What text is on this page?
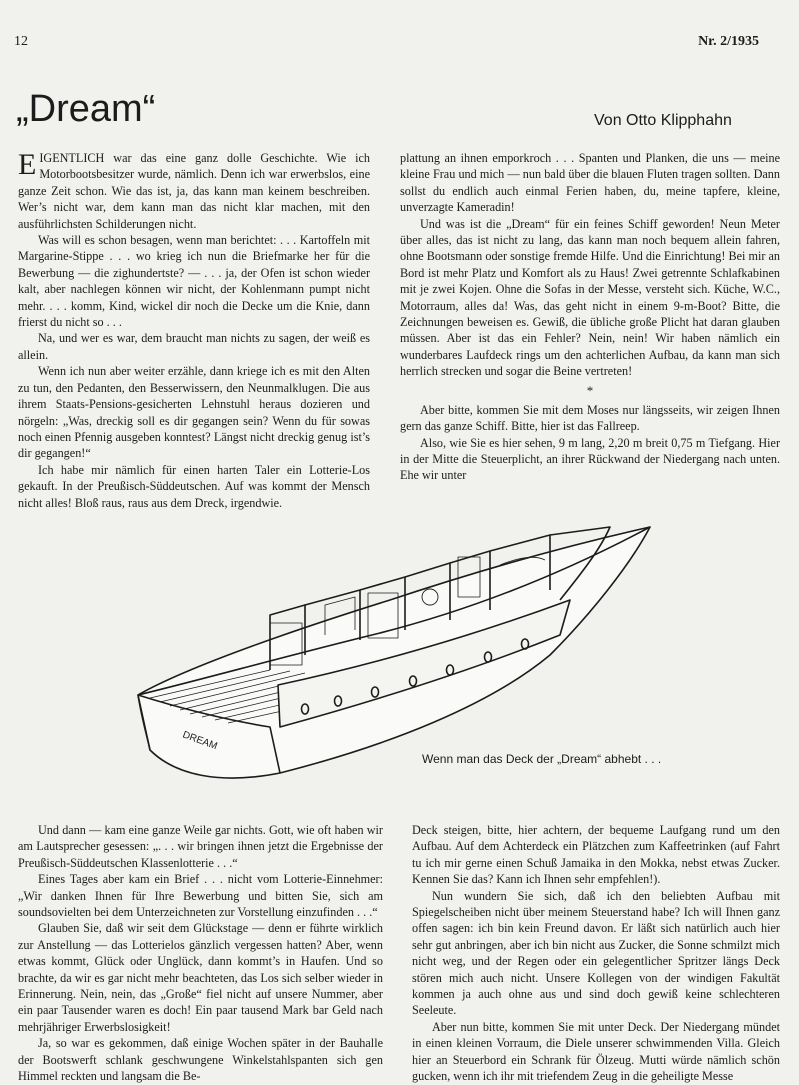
12	Nr. 2/1935
„Dream“	Von Otto Klipphahn

EIGENTLICH war das eine ganz dolle Geschichte. Wie ich Motorbootsbesitzer wurde, nämlich. Denn ich war erwerbslos, eine ganze Zeit schon. Wie das ist, ja, das kann man keinem beschreiben. Wer’s nicht war, dem kann man das nicht klar machen, mit den ausführlichsten Schilderungen nicht.

Was will es schon besagen, wenn man berichtet: . . . Kartoffeln mit Margarine-Stippe . . . wo krieg ich nun die Briefmarke her für die Bewerbung — die zighundertste? — . . . ja, der Ofen ist schon wieder kalt, aber nachlegen können wir nicht, der Kohlenmann pumpt nicht mehr. . . . komm, Kind, wickel dir noch die Decke um die Knie, dann frierst du nicht so . . .

Na, und wer es war, dem braucht man nichts zu sagen, der weiß es allein.

Wenn ich nun aber weiter erzähle, dann kriege ich es mit den Alten zu tun, den Pedanten, den Besserwissern, den Neunmalklugen. Die aus ihrem Staats-Pensions-gesicherten Lehnstuhl heraus dozieren und nörgeln: „Was, dreckig soll es dir gegangen sein? Wenn du für sowas noch einen Pfennig ausgeben konntest? Längst nicht dreckig genug ist’s dir gegangen!“

Ich habe mir nämlich für einen harten Taler ein Lotterie-Los gekauft. In der Preußisch-Süddeutschen. Auf was kommt der Mensch nicht alles! Bloß raus, raus aus dem Dreck, irgendwie.

plattung an ihnen emporkroch . . . Spanten und Planken, die uns — meine kleine Frau und mich — nun bald über die blauen Fluten tragen sollten. Dann sollst du endlich auch einmal Ferien haben, du, meine tapfere, kleine, unverzagte Kameradin!

Und was ist die „Dream“ für ein feines Schiff geworden! Neun Meter über alles, das ist nicht zu lang, das kann man noch bequem allein fahren, ohne Bootsmann oder sonstige fremde Hilfe. Und die Einrichtung! Bei mir an Bord ist mehr Platz und Komfort als zu Haus! Zwei getrennte Schlafkabinen mit je zwei Kojen. Ohne die Sofas in der Messe, versteht sich. Küche, W.C., Motorraum, alles da! Was, das geht nicht in einem 9-m-Boot? Bitte, die Zeichnungen beweisen es. Gewiß, die übliche große Plicht hat daran glauben müssen. Aber ist das ein Fehler? Nein, nein! Wir haben nämlich ein wunderbares Laufdeck rings um den achterlichen Aufbau, da kann man sich herrlich strecken und sogar die Beine vertreten!

*

Aber bitte, kommen Sie mit dem Moses nur längsseits, wir zeigen Ihnen gern das ganze Schiff. Bitte, hier ist das Fallreep.

Also, wie Sie es hier sehen, 9 m lang, 2,20 m breit 0,75 m Tiefgang. Hier in der Mitte die Steuerplicht, an ihrer Rückwand der Niedergang nach unten. Ehe wir unter

DREAM
Wenn man das Deck der „Dream“ abhebt . . .

Und dann — kam eine ganze Weile gar nichts. Gott, wie oft haben wir am Lautsprecher gesessen: „. . . wir bringen ihnen jetzt die Ergebnisse der Preußisch-Süddeutschen Klassenlotterie . . .“

Eines Tages aber kam ein Brief . . . nicht vom Lotterie-Einnehmer: „Wir danken Ihnen für Ihre Bewerbung und bitten Sie, sich am soundsovielten bei dem Unterzeichneten zur Vorstellung einzufinden . . .“

Glauben Sie, daß wir seit dem Glückstage — denn er führte wirklich zur Anstellung — das Lotterielos gänzlich vergessen hatten? Aber, wenn etwas kommt, Glück oder Unglück, dann kommt’s in Haufen. Und so brachte, da wir es gar nicht mehr beachteten, das Los sich selber wieder in Erinnerung. Nein, nein, das „Große“ fiel nicht auf unsere Nummer, aber ein paar Tausender waren es doch! Ein paar tausend Mark bar Geld nach mehrjähriger Erwerbslosigkeit!

Ja, so war es gekommen, daß einige Wochen später in der Bauhalle der Bootswerft schlank geschwungene Winkelstahlspanten sich gen Himmel reckten und langsam die Be-

Deck steigen, bitte, hier achtern, der bequeme Laufgang rund um den Aufbau. Auf dem Achterdeck ein Plätzchen zum Kaffeetrinken (auf Fahrt tu ich mir gerne einen Schuß Jamaika in den Mokka, nebst etwas Zucker. Kennen Sie das? Kann ich Ihnen sehr empfehlen!).

Nun wundern Sie sich, daß ich den beliebten Aufbau mit Spiegelscheiben nicht über meinem Steuerstand habe? Ich will Ihnen ganz offen sagen: ich bin kein Freund davon. Er läßt sich natürlich auch hier sehr gut anbringen, aber ich bin nicht aus Zucker, die Sonne schmilzt mich nicht weg, und der Regen oder ein gelegentlicher Spritzer längs Deck stören mich auch nicht. Unsere Kollegen von der windigen Fakultät kommen ja auch ohne aus und sind doch gewiß keine schlechteren Seeleute.

Aber nun bitte, kommen Sie mit unter Deck. Der Niedergang mündet in einen kleinen Vorraum, die Diele unserer schwimmenden Villa. Gleich hier an Steuerbord ein Schrank für Ölzeug. Mutti würde nämlich schön gucken, wenn ich ihr mit triefendem Zeug in die geheiligte Messe
